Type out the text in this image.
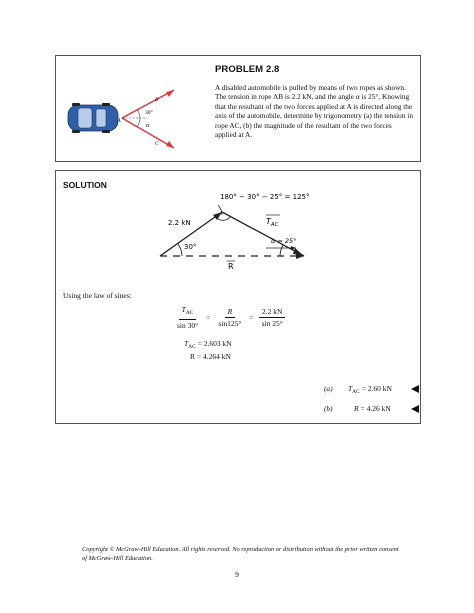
A
B
C
30°
α
PROBLEM 2.8
A disabled automobile is pulled by means of two ropes as shown. The tension in rope AB is 2.2 kN, and the angle α is 25°. Knowing that the resultant of the two forces applied at A is directed along the axis of the automobile, determine by trigonometry (a) the tension in rope AC, (b) the magnitude of the resultant of the two forces applied at A.
SOLUTION
180° − 30° − 25° = 125°
2.2 kN	$T_{AC}$
30°
α = 25°
R
Using the law of sines:
$\frac{T_{AC}}{\sin 30^\circ} = \frac{R}{\sin 125^\circ} = \frac{2.2 kN}{\sin 25^\circ}$
$T_{AC} = 2.603$ kN
R = 4.264 kN
(a) $T_{AC} = 2.60$ kN
(b)	R = 4.26 kN
Copyright © McGraw-Hill Education. All rights reserved. No reproduction or distribution without the prior written consent of McGraw-Hill Education.
9
